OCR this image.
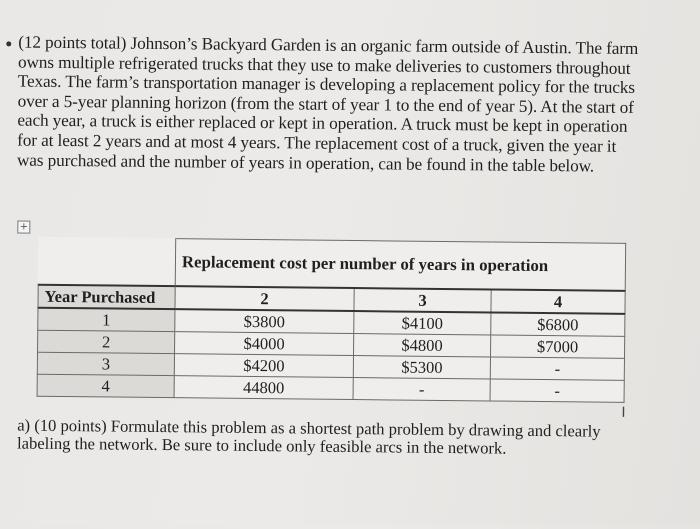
(12 points total) Johnson’s Backyard Garden is an organic farm outside of Austin. The farm owns multiple refrigerated trucks that they use to make deliveries to customers throughout Texas. The farm’s transportation manager is developing a replacement policy for the trucks over a 5-year planning horizon (from the start of year 1 to the end of year 5). At the start of each year, a truck is either replaced or kept in operation. A truck must be kept in operation for at least 2 years and at most 4 years. The replacement cost of a truck, given the year it was purchased and the number of years in operation, can be found in the table below.

+
	Replacement cost per number of years in operation		
Year Purchased	2	3	4
1	$3800	$4100	$6800
2	$4000	$4800	$7000
3	$4200	$5300	-
4	44800	-	-
I

a) (10 points) Formulate this problem as a shortest path problem by drawing and clearly labeling the network. Be sure to include only feasible arcs in the network.
